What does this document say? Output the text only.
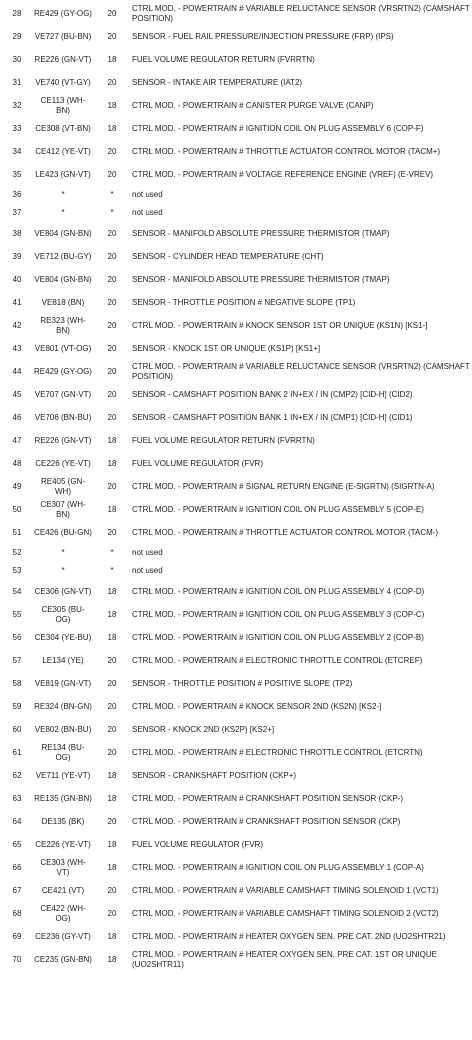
28	RE429 (GY-OG)	20	CTRL MOD. - POWERTRAIN # VARIABLE RELUCTANCE SENSOR (VRSRTN2) (CAMSHAFT POSITION)
29	VE727 (BU-BN)	20	SENSOR - FUEL RAIL PRESSURE/INJECTION PRESSURE (FRP) (IPS)
30	RE226 (GN-VT)	18	FUEL VOLUME REGULATOR RETURN (FVRRTN)
31	VE740 (VT-GY)	20	SENSOR - INTAKE AIR TEMPERATURE (IAT2)
32	CE113 (WH-BN)	18	CTRL MOD. - POWERTRAIN # CANISTER PURGE VALVE (CANP)
33	CE308 (VT-BN)	18	CTRL MOD. - POWERTRAIN # IGNITION COIL ON PLUG ASSEMBLY 6 (COP-F)
34	CE412 (YE-VT)	20	CTRL MOD. - POWERTRAIN # THROTTLE ACTUATOR CONTROL MOTOR (TACM+)
35	LE423 (GN-VT)	20	CTRL MOD. - POWERTRAIN # VOLTAGE REFERENCE ENGINE (VREF) (E-VREV)
36	*	*	not used
37	*	*	not used
38	VE804 (GN-BN)	20	SENSOR - MANIFOLD ABSOLUTE PRESSURE THERMISTOR (TMAP)
39	VE712 (BU-GY)	20	SENSOR - CYLINDER HEAD TEMPERATURE (CHT)
40	VE804 (GN-BN)	20	SENSOR - MANIFOLD ABSOLUTE PRESSURE THERMISTOR (TMAP)
41	VE818 (BN)	20	SENSOR - THROTTLE POSITION # NEGATIVE SLOPE (TP1)
42	RE323 (WH-BN)	20	CTRL MOD. - POWERTRAIN # KNOCK SENSOR 1ST OR UNIQUE (KS1N) [KS1-]
43	VE801 (VT-OG)	20	SENSOR - KNOCK 1ST OR UNIQUE (KS1P) [KS1+]
44	RE429 (GY-OG)	20	CTRL MOD. - POWERTRAIN # VARIABLE RELUCTANCE SENSOR (VRSRTN2) (CAMSHAFT POSITION)
45	VE707 (GN-VT)	20	SENSOR - CAMSHAFT POSITION BANK 2 IN+EX / IN (CMP2) [CID-H] (CID2)
46	VE706 (BN-BU)	20	SENSOR - CAMSHAFT POSITION BANK 1 IN+EX / IN (CMP1) [CID-H] (CID1)
47	RE226 (GN-VT)	18	FUEL VOLUME REGULATOR RETURN (FVRRTN)
48	CE226 (YE-VT)	18	FUEL VOLUME REGULATOR (FVR)
49	RE405 (GN-WH)	20	CTRL MOD. - POWERTRAIN # SIGNAL RETURN ENGINE (E-SIGRTN) (SIGRTN-A)
50	CE307 (WH-BN)	18	CTRL MOD. - POWERTRAIN # IGNITION COIL ON PLUG ASSEMBLY 5 (COP-E)
51	CE426 (BU-GN)	20	CTRL MOD. - POWERTRAIN # THROTTLE ACTUATOR CONTROL MOTOR (TACM-)
52	*	*	not used
53	*	*	not used
54	CE306 (GN-VT)	18	CTRL MOD. - POWERTRAIN # IGNITION COIL ON PLUG ASSEMBLY 4 (COP-D)
55	CE305 (BU-OG)	18	CTRL MOD. - POWERTRAIN # IGNITION COIL ON PLUG ASSEMBLY 3 (COP-C)
56	CE304 (YE-BU)	18	CTRL MOD. - POWERTRAIN # IGNITION COIL ON PLUG ASSEMBLY 2 (COP-B)
57	LE134 (YE)	20	CTRL MOD. - POWERTRAIN # ELECTRONIC THROTTLE CONTROL (ETCREF)
58	VE819 (GN-VT)	20	SENSOR - THROTTLE POSITION # POSITIVE SLOPE (TP2)
59	RE324 (BN-GN)	20	CTRL MOD. - POWERTRAIN # KNOCK SENSOR 2ND (KS2N) [KS2-]
60	VE802 (BN-BU)	20	SENSOR - KNOCK 2ND (KS2P) [KS2+]
61	RE134 (BU-OG)	20	CTRL MOD. - POWERTRAIN # ELECTRONIC THROTTLE CONTROL (ETCRTN)
62	VE711 (YE-VT)	18	SENSOR - CRANKSHAFT POSITION (CKP+)
63	RE135 (GN-BN)	18	CTRL MOD. - POWERTRAIN # CRANKSHAFT POSITION SENSOR (CKP-)
64	DE135 (BK)	20	CTRL MOD. - POWERTRAIN # CRANKSHAFT POSITION SENSOR (CKP)
65	CE226 (YE-VT)	18	FUEL VOLUME REGULATOR (FVR)
66	CE303 (WH-VT)	18	CTRL MOD. - POWERTRAIN # IGNITION COIL ON PLUG ASSEMBLY 1 (COP-A)
67	CE421 (VT)	20	CTRL MOD. - POWERTRAIN # VARIABLE CAMSHAFT TIMING SOLENOID 1 (VCT1)
68	CE422 (WH-OG)	20	CTRL MOD. - POWERTRAIN # VARIABLE CAMSHAFT TIMING SOLENOID 2 (VCT2)
69	CE236 (GY-VT)	18	CTRL MOD. - POWERTRAIN # HEATER OXYGEN SEN. PRE CAT. 2ND (UO2SHTR21)
70	CE235 (GN-BN)	18	CTRL MOD. - POWERTRAIN # HEATER OXYGEN SEN. PRE CAT. 1ST OR UNIQUE (UO2SHTR11)
